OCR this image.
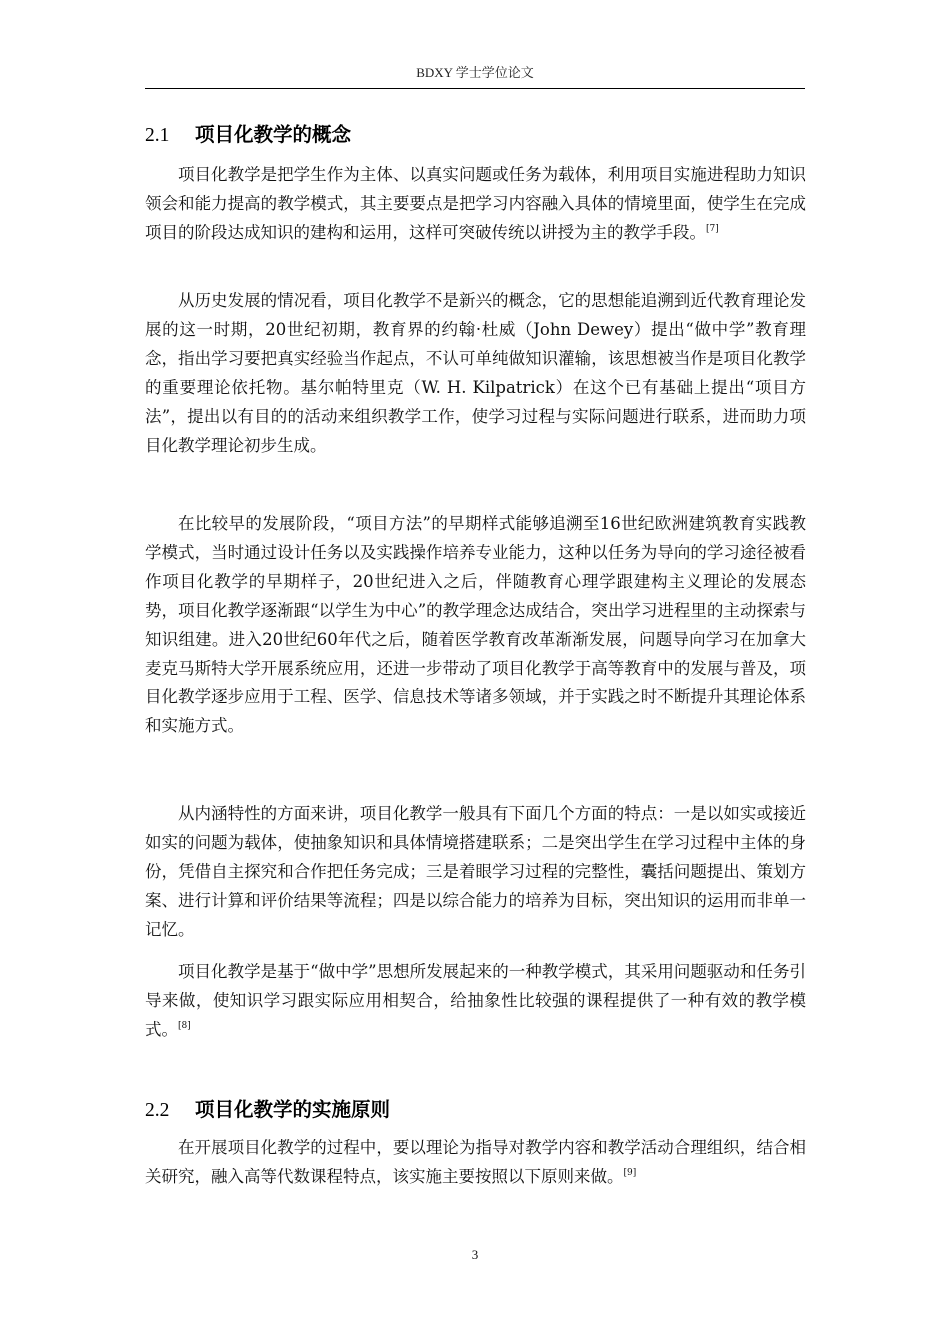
BDXY 学士学位论文
2.1 项目化教学的概念

项目化教学是把学生作为主体、以真实问题或任务为载体，利用项目实施进程助力知识领会和能力提高的教学模式，其主要要点是把学习内容融入具体的情境里面，使学生在完成项目的阶段达成知识的建构和运用，这样可突破传统以讲授为主的教学手段。[7]

从历史发展的情况看，项目化教学不是新兴的概念，它的思想能追溯到近代教育理论发展的这一时期，20世纪初期，教育界的约翰·杜威（John Dewey）提出“做中学”教育理念，指出学习要把真实经验当作起点，不认可单纯做知识灌输，该思想被当作是项目化教学的重要理论依托物。基尔帕特里克（W. H. Kilpatrick）在这个已有基础上提出“项目方法”，提出以有目的的活动来组织教学工作，使学习过程与实际问题进行联系，进而助力项目化教学理论初步生成。

在比较早的发展阶段，“项目方法”的早期样式能够追溯至16世纪欧洲建筑教育实践教学模式，当时通过设计任务以及实践操作培养专业能力，这种以任务为导向的学习途径被看作项目化教学的早期样子，20世纪进入之后，伴随教育心理学跟建构主义理论的发展态势，项目化教学逐渐跟“以学生为中心”的教学理念达成结合，突出学习进程里的主动探索与知识组建。进入20世纪60年代之后，随着医学教育改革渐渐发展，问题导向学习在加拿大麦克马斯特大学开展系统应用，还进一步带动了项目化教学于高等教育中的发展与普及，项目化教学逐步应用于工程、医学、信息技术等诸多领域，并于实践之时不断提升其理论体系和实施方式。

从内涵特性的方面来讲，项目化教学一般具有下面几个方面的特点：一是以如实或接近如实的问题为载体，使抽象知识和具体情境搭建联系；二是突出学生在学习过程中主体的身份，凭借自主探究和合作把任务完成；三是着眼学习过程的完整性，囊括问题提出、策划方案、进行计算和评价结果等流程；四是以综合能力的培养为目标，突出知识的运用而非单一记忆。

项目化教学是基于“做中学”思想所发展起来的一种教学模式，其采用问题驱动和任务引导来做，使知识学习跟实际应用相契合，给抽象性比较强的课程提供了一种有效的教学模式。[8]

2.2 项目化教学的实施原则

在开展项目化教学的过程中，要以理论为指导对教学内容和教学活动合理组织，结合相关研究，融入高等代数课程特点，该实施主要按照以下原则来做。[9]

3
